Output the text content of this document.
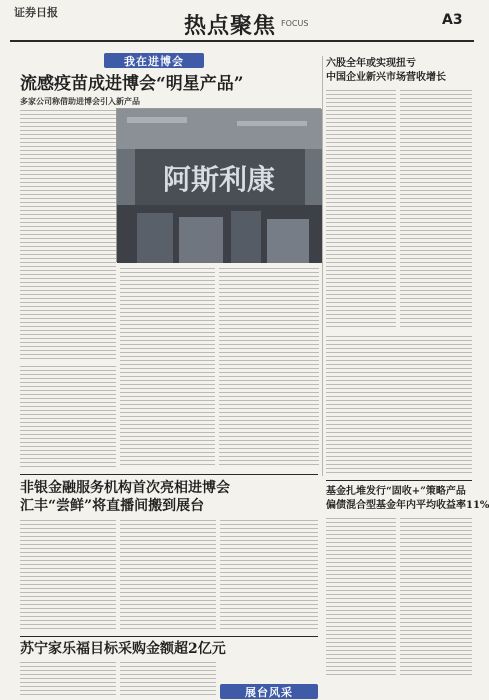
证券日报
热点聚焦 FOCUS	A3
我在进博会
流感疫苗成进博会“明星产品”
多家公司称借助进博会引入新产品
阿斯利康
六股全年或实现扭亏
中国企业新兴市场营收增长
基金扎堆发行“固收+”策略产品
偏债混合型基金年内平均收益率11%
非银金融服务机构首次亮相进博会
汇丰“尝鲜”将直播间搬到展台
苏宁家乐福目标采购金额超2亿元
展台风采
